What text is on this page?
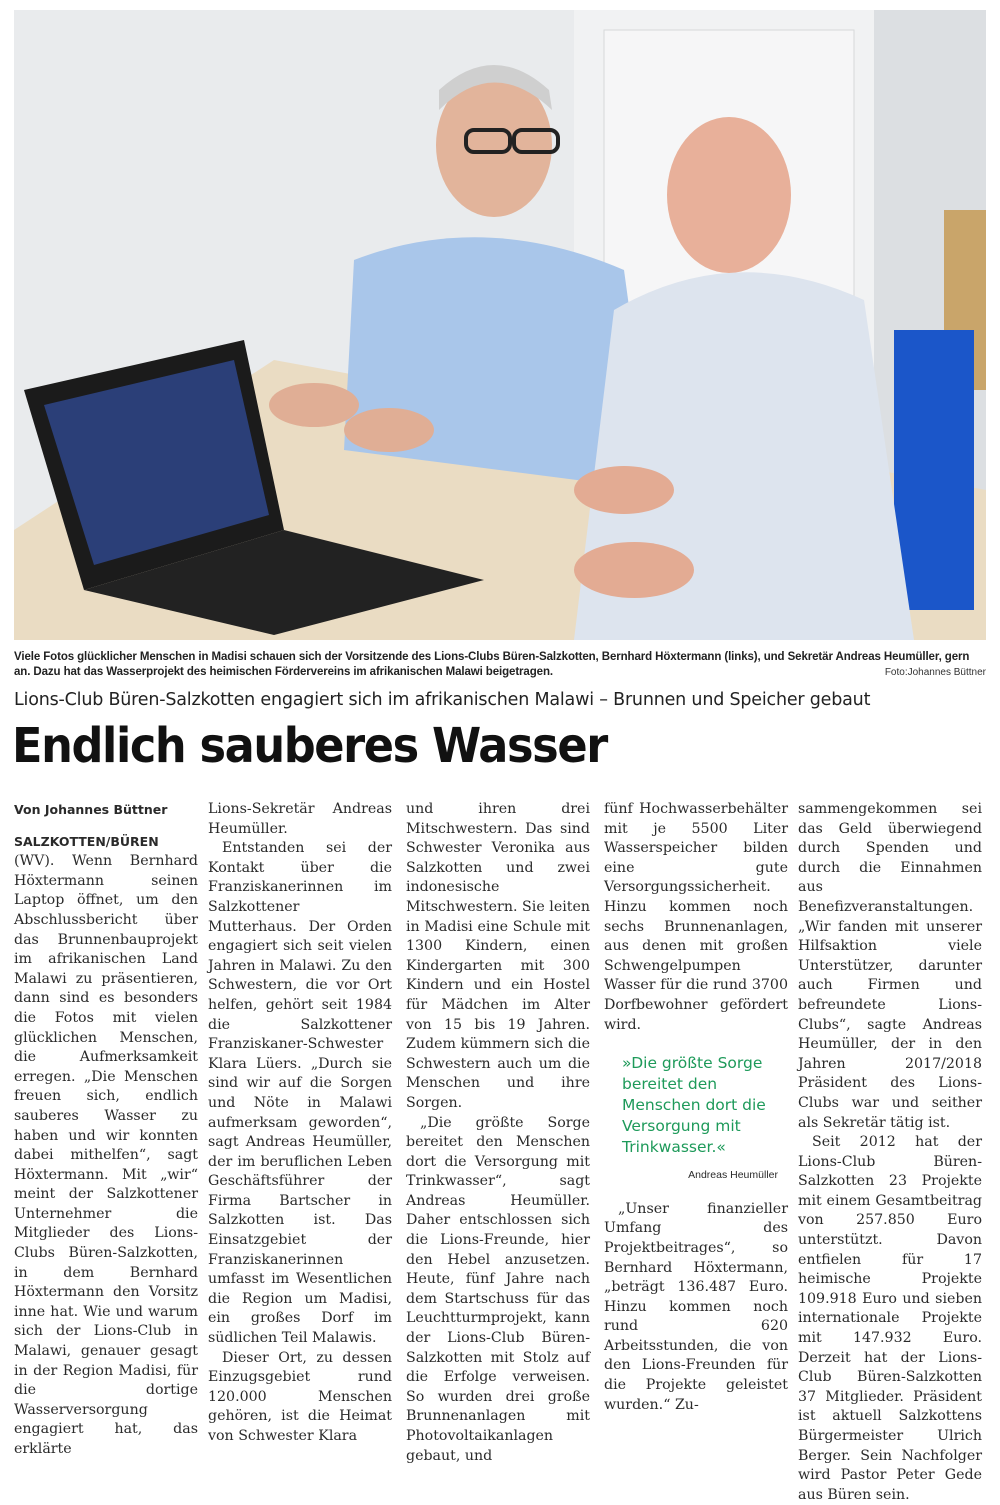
Viele Fotos glücklicher Menschen in Madisi schauen sich der Vorsitzende des Lions-Clubs Büren-Salzkotten, Bernhard Höxtermann (links), und Sekretär Andreas Heumüller, gern an. Dazu hat das Wasserprojekt des heimischen Fördervereins im afrikanischen Malawi beigetragen.	Foto:Johannes Büttner
Lions-Club Büren-Salzkotten engagiert sich im afrikanischen Malawi – Brunnen und Speicher gebaut
Endlich sauberes Wasser

Von Johannes Büttner

SALZKOTTEN/BÜREN (WV). Wenn Bernhard Höxtermann seinen Laptop öffnet, um den Abschlussbericht über das Brunnenbauprojekt im afrikanischen Land Malawi zu präsentieren, dann sind es besonders die Fotos mit vielen glücklichen Menschen, die Aufmerksamkeit erregen. „Die Menschen freuen sich, endlich sauberes Wasser zu haben und wir konnten dabei mithelfen“, sagt Höxtermann. Mit „wir“ meint der Salzkottener Unternehmer die Mitglieder des Lions-Clubs Büren-Salzkotten, in dem Bernhard Höxtermann den Vorsitz inne hat. Wie und warum sich der Lions-Club in Malawi, genauer gesagt in der Region Madisi, für die dortige Wasserversorgung engagiert hat, das erklärte

Lions-Sekretär Andreas Heumüller.

Entstanden sei der Kontakt über die Franziskanerinnen im Salzkottener Mutterhaus. Der Orden engagiert sich seit vielen Jahren in Malawi. Zu den Schwestern, die vor Ort helfen, gehört seit 1984 die Salzkottener Franziskaner-Schwester Klara Lüers. „Durch sie sind wir auf die Sorgen und Nöte in Malawi aufmerksam geworden“, sagt Andreas Heumüller, der im beruflichen Leben Geschäftsführer der Firma Bartscher in Salzkotten ist. Das Einsatzgebiet der Franziskanerinnen umfasst im Wesentlichen die Region um Madisi, ein großes Dorf im südlichen Teil Malawis.

Dieser Ort, zu dessen Einzugsgebiet rund 120.000 Menschen gehören, ist die Heimat von Schwester Klara

und ihren drei Mitschwestern. Das sind Schwester Veronika aus Salzkotten und zwei indonesische Mitschwestern. Sie leiten in Madisi eine Schule mit 1300 Kindern, einen Kindergarten mit 300 Kindern und ein Hostel für Mädchen im Alter von 15 bis 19 Jahren. Zudem kümmern sich die Schwestern auch um die Menschen und ihre Sorgen.

„Die größte Sorge bereitet den Menschen dort die Versorgung mit Trinkwasser“, sagt Andreas Heumüller. Daher entschlossen sich die Lions-Freunde, hier den Hebel anzusetzen. Heute, fünf Jahre nach dem Startschuss für das Leuchtturmprojekt, kann der Lions-Club Büren-Salzkotten mit Stolz auf die Erfolge verweisen. So wurden drei große Brunnenanlagen mit Photovoltaikanlagen gebaut, und

fünf Hochwasserbehälter mit je 5500 Liter Wasserspeicher bilden eine gute Versorgungssicherheit. Hinzu kommen noch sechs Brunnenanlagen, aus denen mit großen Schwengelpumpen Wasser für die rund 3700 Dorfbewohner gefördert wird.

»Die größte Sorge bereitet den Menschen dort die Versorgung mit Trinkwasser.«

Andreas Heumüller

„Unser finanzieller Umfang des Projektbeitrages“, so Bernhard Höxtermann, „beträgt 136.487 Euro. Hinzu kommen noch rund 620 Arbeitsstunden, die von den Lions-Freunden für die Projekte geleistet wurden.“ Zu-

sammengekommen sei das Geld überwiegend durch Spenden und durch die Einnahmen aus Benefizveranstaltungen. „Wir fanden mit unserer Hilfsaktion viele Unterstützer, darunter auch Firmen und befreundete Lions-Clubs“, sagte Andreas Heumüller, der in den Jahren 2017/2018 Präsident des Lions-Clubs war und seither als Sekretär tätig ist.

Seit 2012 hat der Lions-Club Büren-Salzkotten 23 Projekte mit einem Gesamtbeitrag von 257.850 Euro unterstützt. Davon entfielen für 17 heimische Projekte 109.918 Euro und sieben internationale Projekte mit 147.932 Euro. Derzeit hat der Lions-Club Büren-Salzkotten 37 Mitglieder. Präsident ist aktuell Salzkottens Bürgermeister Ulrich Berger. Sein Nachfolger wird Pastor Peter Gede aus Büren sein.
